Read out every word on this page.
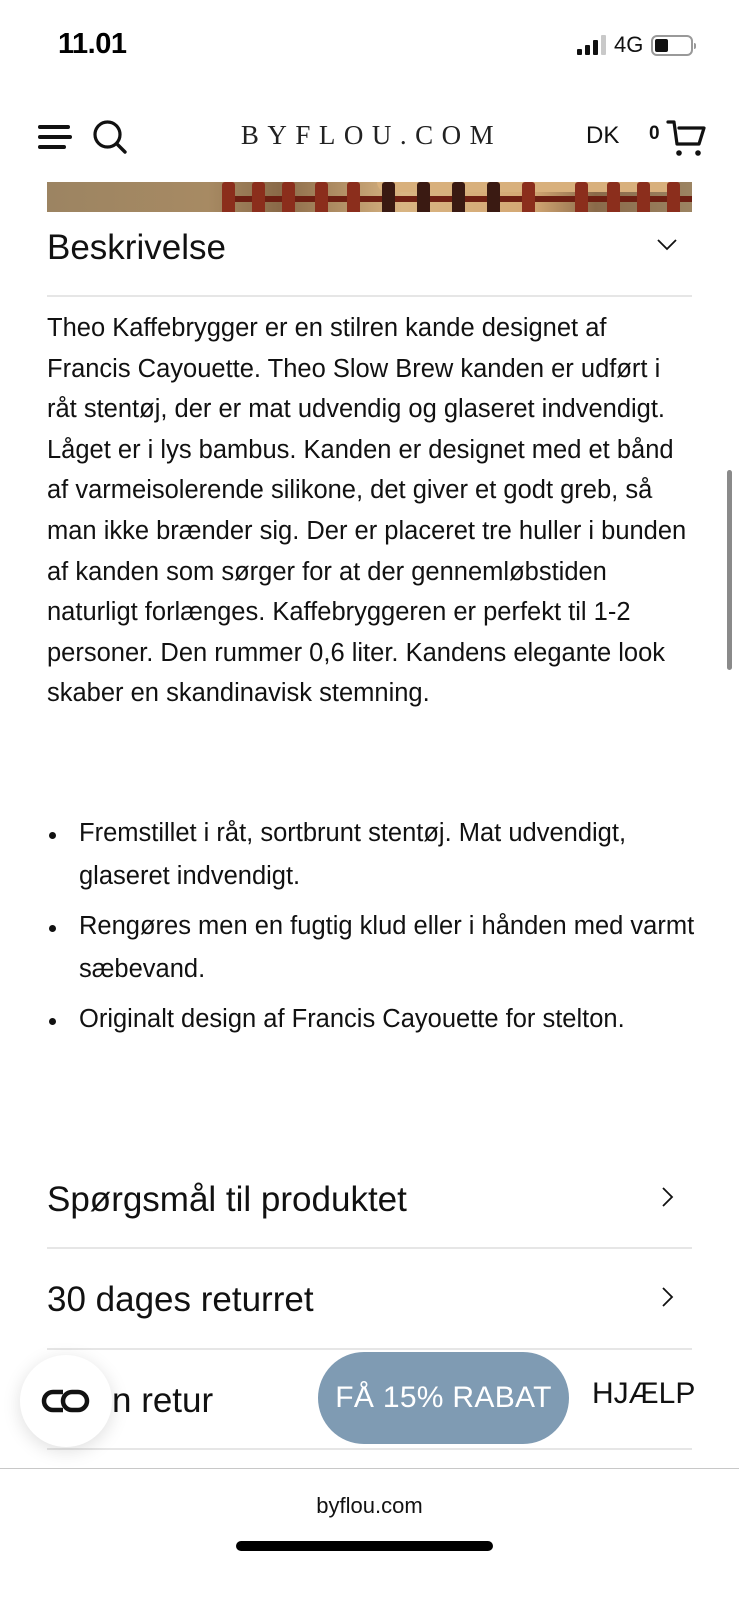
11.01	4G
BYFLOU.COM	DK 0
Beskrivelse

Theo Kaffebrygger er en stilren kande designet af Francis Cayouette. Theo Slow Brew kanden er udført i råt stentøj, der er mat udvendig og glaseret indvendigt. Låget er i lys bambus. Kanden er designet med et bånd af varmeisolerende silikone, det giver et godt greb, så man ikke brænder sig. Der er placeret tre huller i bunden af kanden som sørger for at der gennemløbstiden naturligt forlænges. Kaffebryggeren er perfekt til 1-2 personer. Den rummer 0,6 liter. Kandens elegante look skaber en skandinavisk stemning.

Fremstillet i råt, sortbrunt stentøj. Mat udvendigt, glaseret indvendigt.
Rengøres men en fugtig klud eller i hånden med varmt sæbevand.
Originalt design af Francis Cayouette for stelton.
Spørgsmål til produktet
30 dages returret
n retur	FÅ 15% RABAT	HJÆLP
byflou.com
